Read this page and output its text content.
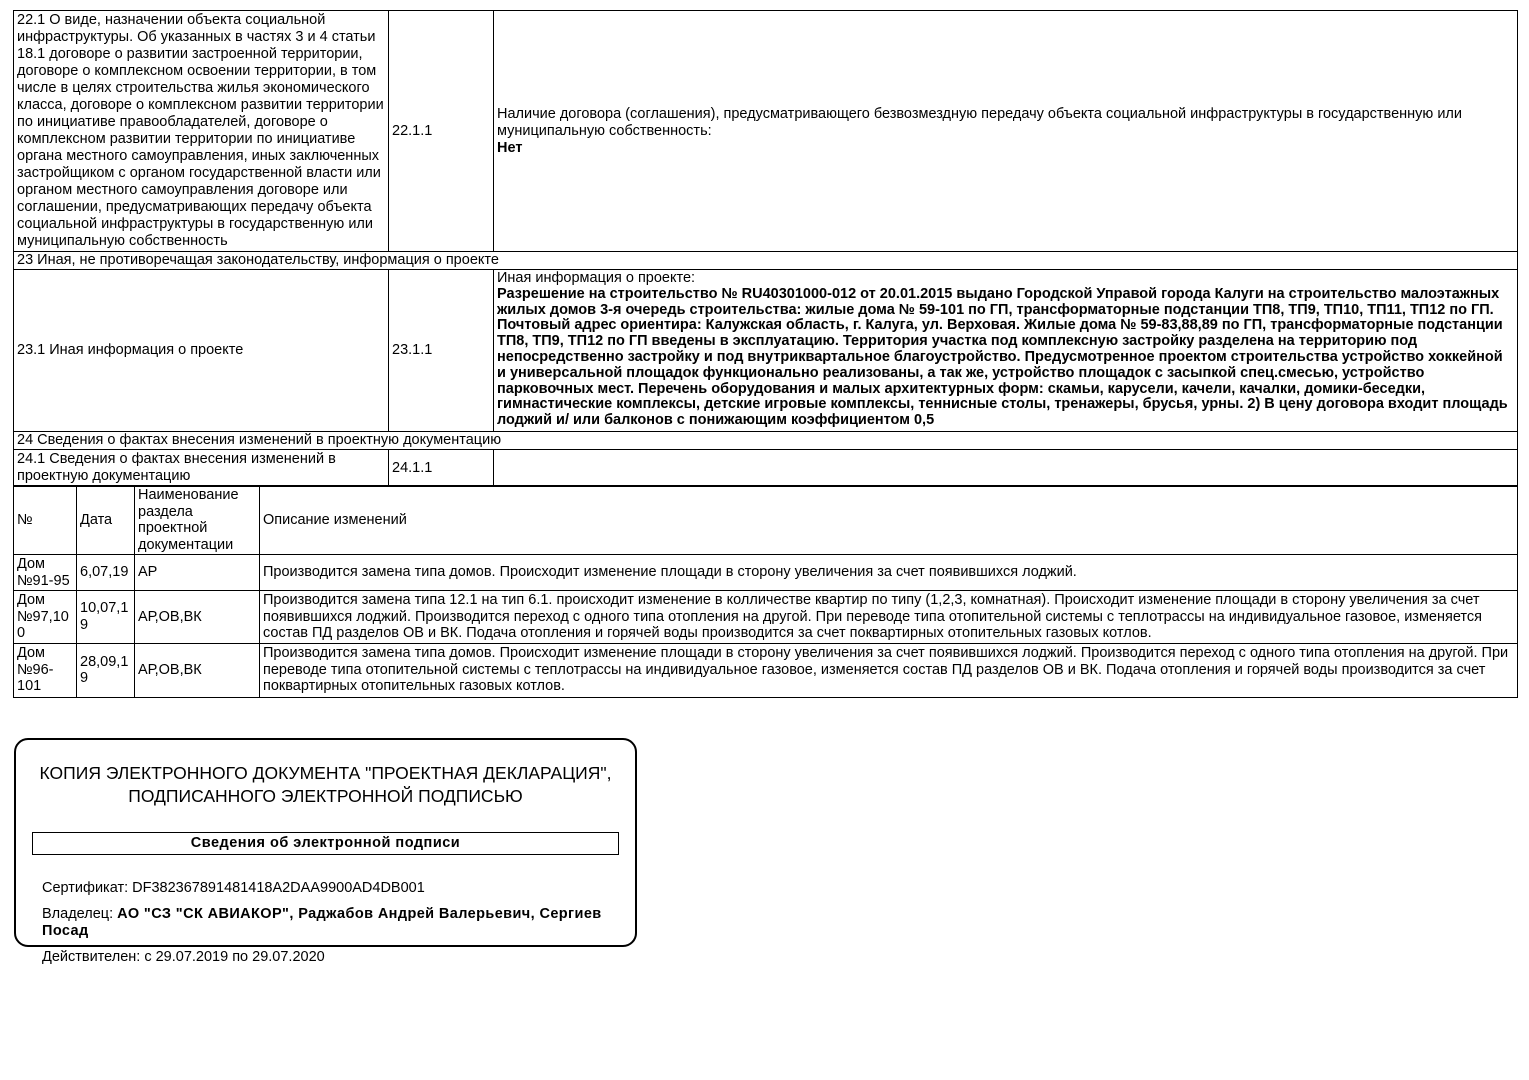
22.1 О виде, назначении объекта социальной инфраструктуры. Об указанных в частях 3 и 4 статьи 18.1 договоре о развитии застроенной территории, договоре о комплексном освоении территории, в том числе в целях строительства жилья экономического класса, договоре о комплексном развитии территории по инициативе правообладателей, договоре о комплексном развитии территории по инициативе органа местного самоуправления, иных заключенных застройщиком с органом государственной власти или органом местного самоуправления договоре или соглашении, предусматривающих передачу объекта социальной инфраструктуры в государственную или муниципальную собственность	22.1.1	Наличие договора (соглашения), предусматривающего безвозмездную передачу объекта социальной инфраструктуры в государственную или муниципальную собственность:
Нет

23 Иная, не противоречащая законодательству, информация о проекте		
23.1 Иная информация о проекте	23.1.1	Иная информация о проекте:
Разрешение на строительство № RU40301000-012 от 20.01.2015 выдано Городской Управой города Калуги на строительство малоэтажных жилых домов 3-я очередь строительства: жилые дома № 59-101 по ГП, трансформаторные подстанции ТП8, ТП9, ТП10, ТП11, ТП12 по ГП. Почтовый адрес ориентира: Калужская область, г. Калуга, ул. Верховая. Жилые дома № 59-83,88,89 по ГП, трансформаторные подстанции ТП8, ТП9, ТП12 по ГП введены в эксплуатацию. Территория участка под комплексную застройку разделена на территорию под непосредственно застройку и под внутриквартальное благоустройство. Предусмотренное проектом строительства устройство хоккейной и универсальной площадок функционально реализованы, а так же, устройство площадок с засыпкой спец.смесью, устройство парковочных мест. Перечень оборудования и малых архитектурных форм: скамьи, карусели, качели, качалки, домики-беседки, гимнастические комплексы, детские игровые комплексы, теннисные столы, тренажеры, брусья, урны. 2) В цену договора входит площадь лоджий и/ или балконов с понижающим коэффициентом 0,5

24 Сведения о фактах внесения изменений в проектную документацию		
24.1 Сведения о фактах внесения изменений в проектную документацию	24.1.1	
№	Дата	Наименование раздела проектной документации	Описание изменений
Дом №91-95	6,07,19	АР	Производится замена типа домов. Происходит изменение площади в сторону увеличения за счет появившихся лоджий.
Дом №97,100	10,07,19	АР,ОВ,ВК	Производится замена типа 12.1 на тип 6.1. происходит изменение в колличестве квартир по типу (1,2,3, комнатная). Происходит изменение площади в сторону увеличения за счет появившихся лоджий. Производится переход с одного типа отопления на другой. При переводе типа отопительной системы с теплотрассы на индивидуальное газовое, изменяется состав ПД разделов ОВ и ВК. Подача отопления и горячей воды производится за счет поквартирных отопительных газовых котлов.
Дом №96-101	28,09,19	АР,ОВ,ВК	Производится замена типа домов. Происходит изменение площади в сторону увеличения за счет появившихся лоджий. Производится переход с одного типа отопления на другой. При переводе типа отопительной системы с теплотрассы на индивидуальное газовое, изменяется состав ПД разделов ОВ и ВК. Подача отопления и горячей воды производится за счет поквартирных отопительных газовых котлов.
КОПИЯ ЭЛЕКТРОННОГО ДОКУМЕНТА "ПРОЕКТНАЯ ДЕКЛАРАЦИЯ",
ПОДПИСАННОГО ЭЛЕКТРОННОЙ ПОДПИСЬЮ
Сведения об электронной подписи
Сертификат: DF382367891481418A2DAA9900AD4DB001
Владелец: АО "СЗ "СК АВИАКОР", Раджабов Андрей Валерьевич, Сергиев Посад
Действителен: с 29.07.2019 по 29.07.2020
